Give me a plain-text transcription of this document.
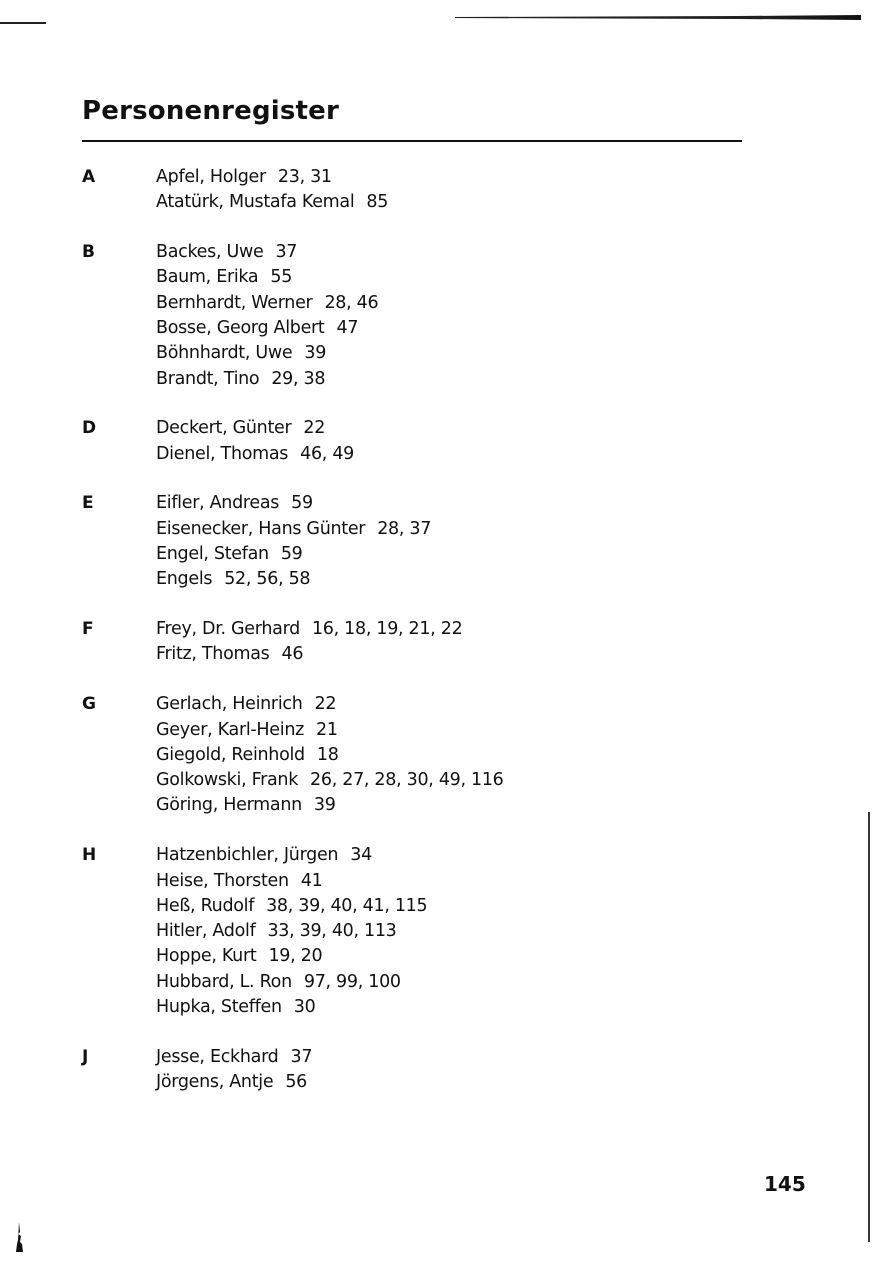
Personenregister
A	Apfel, Holger 23, 31
Atatürk, Mustafa Kemal 85
B	Backes, Uwe 37
Baum, Erika 55
Bernhardt, Werner 28, 46
Bosse, Georg Albert 47
Böhnhardt, Uwe 39
Brandt, Tino 29, 38
D	Deckert, Günter 22
Dienel, Thomas 46, 49
E	Eifler, Andreas 59
Eisenecker, Hans Günter 28, 37
Engel, Stefan 59
Engels 52, 56, 58
F	Frey, Dr. Gerhard 16, 18, 19, 21, 22
Fritz, Thomas 46
G	Gerlach, Heinrich 22
Geyer, Karl-Heinz 21
Giegold, Reinhold 18
Golkowski, Frank 26, 27, 28, 30, 49, 116
Göring, Hermann 39
H	Hatzenbichler, Jürgen 34
Heise, Thorsten 41
Heß, Rudolf 38, 39, 40, 41, 115
Hitler, Adolf 33, 39, 40, 113
Hoppe, Kurt 19, 20
Hubbard, L. Ron 97, 99, 100
Hupka, Steffen 30
J	Jesse, Eckhard 37
Jörgens, Antje 56
145
